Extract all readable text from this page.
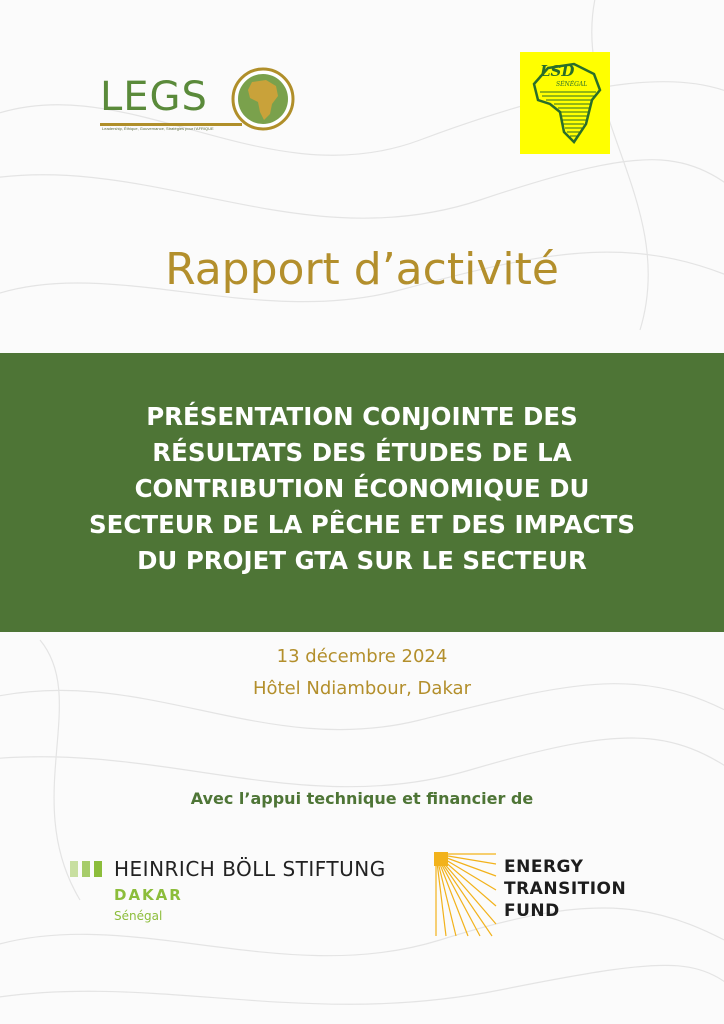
LEGS
Leadership, Éthique, Gouvernance, Stratégies pour l'AFRIQUE
LSD
SÉNÉGAL
Rapport d’activité
PRÉSENTATION CONJOINTE DES
RÉSULTATS DES ÉTUDES DE LA
CONTRIBUTION ÉCONOMIQUE DU
SECTEUR DE LA PÊCHE ET DES IMPACTS
DU PROJET GTA SUR LE SECTEUR
13 décembre 2024
Hôtel Ndiambour, Dakar
Avec l’appui technique et financier de
HEINRICH BÖLL STIFTUNG
DAKAR
Sénégal
ENERGY
TRANSITION
FUND
